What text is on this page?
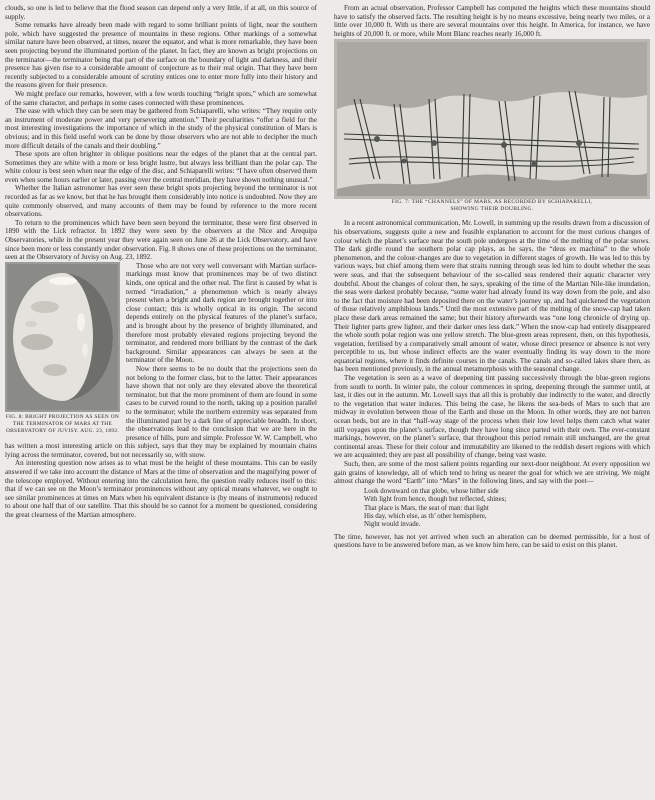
clouds, so one is led to believe that the flood season can depend only a very little, if at all, on this source of supply.

Some remarks have already been made with regard to some brilliant points of light, near the southern pole, which have suggested the presence of mountains in these regions. Other markings of a somewhat similar nature have been observed, at times, nearer the equator, and what is more remarkable, they have been seen projecting beyond the illuminated portion of the planet. In fact, they are known as bright projections on the terminator—the terminator being that part of the surface on the boundary of light and darkness, and their presence has given rise to a considerable amount of conjecture as to their real origin. That they have been recently subjected to a considerable amount of scrutiny entices one to enter more fully into their history and the reasons given for their presence.

We might preface our remarks, however, with a few words touching “bright spots,” which are somewhat of the same character, and perhaps in some cases connected with these prominences.

The ease with which they can be seen may be gathered from Schiaparelli, who writes: “They require only an instrument of moderate power and very persevering attention.” Their peculiarities “offer a field for the most interesting investigations the importance of which in the study of the physical constitution of Mars is obvious; and in this field useful work can be done by those observers who are not able to decipher the much more difficult details of the canals and their doubling.”

These spots are often brighter in oblique positions near the edges of the planet that at the central part. Sometimes they are white with a more or less bright lustre, but always less brilliant than the polar cap. The white colour is best seen when near the edge of the disc, and Schiaparelli writes: “I have often observed them even when some hours earlier or later, passing over the central meridian, they have shown nothing unusual.”

Whether the Italian astronomer has ever seen these bright spots projecting beyond the terminator is not recorded as far as we know, but that he has brought them considerably into notice is undoubted. Now they are quite commonly observed, and many accounts of them may be found by reference to the more recent observations.

To return to the prominences which have been seen beyond the terminator, these were first observed in 1890 with the Lick refractor. In 1892 they were seen by the observers at the Nice and Arequipa Observatories, while in the present year they were again seen on June 26 at the Lick Observatory, and have since been more or less constantly under observation. Fig. 8 shows one of these projections on the terminator, seen at the Observatory of Juvisy on Aug. 23, 1892.

FIG. 8: BRIGHT PROJECTION AS SEEN ON THE TERMINATOR OF MARS AT THE OBSERVATORY OF JUVISY. AUG. 23, 1892.

Those who are not very well conversant with Martian surface-markings must know that prominences may be of two distinct kinds, one optical and the other real. The first is caused by what is termed “irradiation,” a phenomenon which is nearly always present when a bright and dark region are brought together or into close contact; this is wholly optical in its origin. The second depends entirely on the physical features of the planet’s surface, and is brought about by the presence of brightly illuminated, and therefore most probably elevated regions projecting beyond the terminator, and rendered more brilliant by the contrast of the dark background. Similar appearances can always be seen at the terminator of the Moon.

Now there seems to be no doubt that the projections seen do not belong to the former class, but to the latter. Their appearances have shown that not only are they elevated above the theoretical terminator, but that the more prominent of them are found in some cases to be curved round to the north, taking up a position parallel to the terminator; while the northern extremity was separated from the illuminated part by a dark line of appreciable breadth. In short, the observations lead to the conclusion that we are here in the presence of hills, pure and simple. Professor W. W. Campbell, who has written a most interesting article on this subject, says that they may be explained by mountain chains lying across the terminator, covered, but not necessarily so, with snow.

An interesting question now arises as to what must be the height of these mountains. This can be easily answered if we take into account the distance of Mars at the time of observation and the magnifying power of the telescope employed. Without entering into the calculation here, the question really reduces itself to this: that if we can see on the Moon’s terminator prominences without any optical means whatever, we ought to see similar prominences at times on Mars when his equivalent distance is (by means of instruments) reduced to about one half that of our satellite. That this should be so cannot for a moment be questioned, considering the great clearness of the Martian atmosphere.

From an actual observation, Professor Campbell has computed the heights which these mountains should have to satisfy the observed facts. The resulting height is by no means excessive, being nearly two miles, or a little over 10,000 ft. With us there are several mountains over this height. In America, for instance, we have heights of 20,000 ft. or more, while Mont Blanc reaches nearly 16,000 ft.

FIG. 7: THE “CHANNELS” OF MARS, AS RECORDED BY SCHIAPARELLI,
SHOWING THEIR DOUBLING.

In a recent astronomical communication, Mr. Lowell, in summing up the results drawn from a discussion of his observations, suggests quite a new and feasible explanation to account for the most curious changes of colour which the planet’s surface near the south pole undergoes at the time of the melting of the polar snows. The dark girdle round the southern polar cap plays, as he says, the “deus ex machina” to the whole phenomenon, and the colour-changes are due to vegetation in different stages of growth. He was led to this by various ways, but chief among them were that straits running through seas led him to doubt whether the seas were seas, and that the subsequent behaviour of the so-called seas rendered their aquatic character very doubtful. About the changes of colour then, he says, speaking of the time of the Martian Nile-like inundation, the seas were darkest probably because, “some water had already found its way down from the pole, and also to the fact that moisture had been deposited there on the water’s journey up, and had quickened the vegetation of those relatively amphibious lands.” Until the most extensive part of the melting of the snow-cap had taken place these dark areas remained the same; but their history afterwards was “one long chronicle of drying up. Their lighter parts grew lighter, and their darker ones less dark.” When the snow-cap had entirely disappeared the whole south polar region was one yellow stretch. The blue-green areas represent, then, on this hypothesis, vegetation, fertilised by a comparatively small amount of water, whose direct presence or absence is not very perceptible to us, but whose indirect effects are the water eventually finding its way down to the more equatorial regions, where it finds definite courses in the canals. The canals and so-called lakes share then, as has been mentioned previously, in the annual metamorphosis with the seasonal change.

The vegetation is seen as a wave of deepening tint passing successively through the blue-green regions from south to north. In winter pale, the colour commences in spring, deepening through the summer until, at last, it dies out in the autumn. Mr. Lowell says that all this is probably due indirectly to the water, and directly to the vegetation that water induces. This being the case, he likens the sea-beds of Mars to such that are midway in evolution between those of the Earth and those on the Moon. In other words, they are not barren ocean beds, but are in that “half-way stage of the process when their low level helps them catch what water still voyages upon the planet’s surface, though they have long since parted with their own. The ever-constant markings, however, on the planet’s surface, that throughout this period remain still unchanged, are the great continental areas. These for their colour and immutability are likened to the reddish desert regions with which we are acquainted; they are past all possibility of change, being vast waste.

Such, then, are some of the most salient points regarding our next-door neighbour. At every opposition we gain grains of knowledge, all of which tend to bring us nearer the goal for which we are striving. We might almost change the word “Earth” into “Mars” in the following lines, and say with the poet—

Look downward on that globe, whose hither side
With light from hence, though but reflected, shines;
That place is Mars, the seat of man: that light
His day, which else, as th’ other hemisphere,
Night would invade.

The time, however, has not yet arrived when such an alteration can be deemed permissible, for a host of questions have to be answered before man, as we know him here, can be said to exist on this planet.
